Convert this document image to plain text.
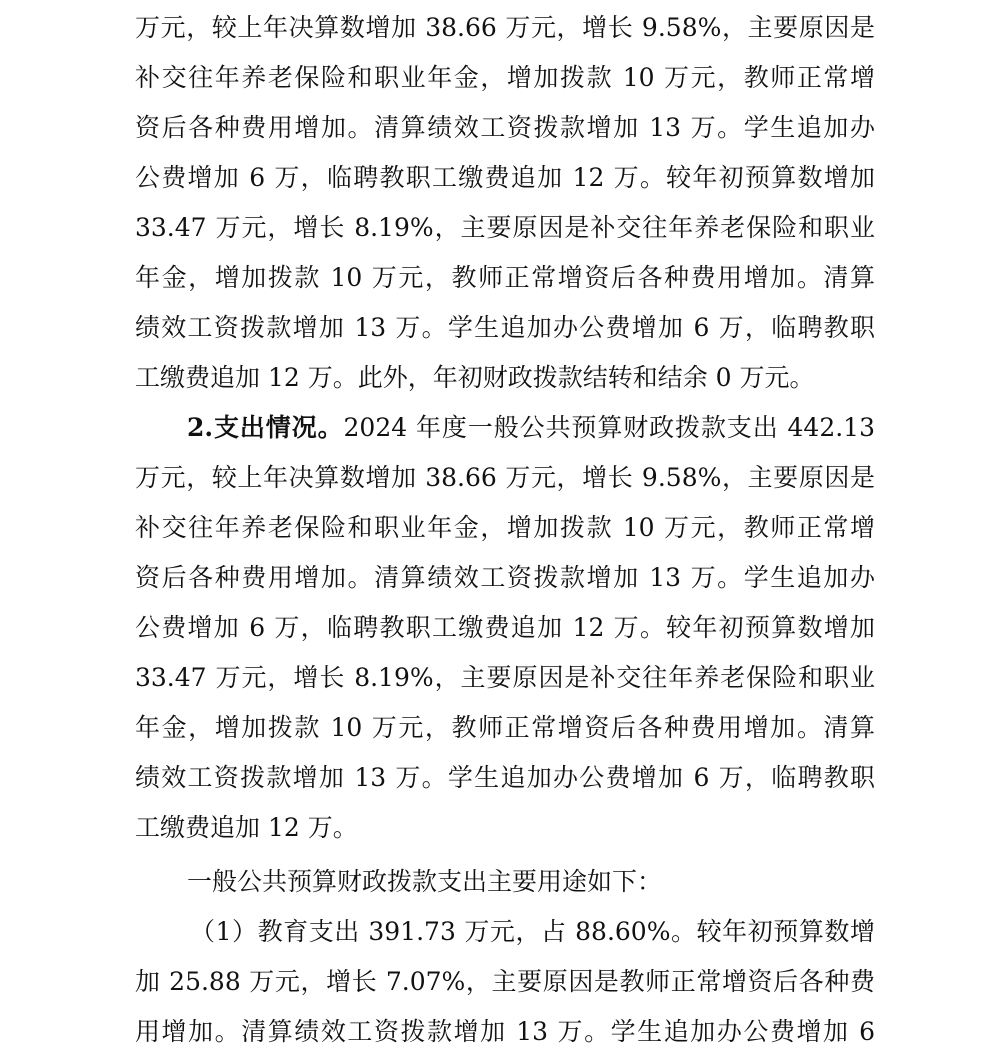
万元，较上年决算数增加 38.66 万元，增长 9.58%，主要原因是
补交往年养老保险和职业年金，增加拨款 10 万元，教师正常增
资后各种费用增加。清算绩效工资拨款增加 13 万。学生追加办
公费增加 6 万，临聘教职工缴费追加 12 万。较年初预算数增加
33.47 万元，增长 8.19%，主要原因是补交往年养老保险和职业
年金，增加拨款 10 万元，教师正常增资后各种费用增加。清算
绩效工资拨款增加 13 万。学生追加办公费增加 6 万，临聘教职
工缴费追加 12 万。此外，年初财政拨款结转和结余 0 万元。
2.支出情况。2024 年度一般公共预算财政拨款支出 442.13
万元，较上年决算数增加 38.66 万元，增长 9.58%，主要原因是
补交往年养老保险和职业年金，增加拨款 10 万元，教师正常增
资后各种费用增加。清算绩效工资拨款增加 13 万。学生追加办
公费增加 6 万，临聘教职工缴费追加 12 万。较年初预算数增加
33.47 万元，增长 8.19%，主要原因是补交往年养老保险和职业
年金，增加拨款 10 万元，教师正常增资后各种费用增加。清算
绩效工资拨款增加 13 万。学生追加办公费增加 6 万，临聘教职
工缴费追加 12 万。
一般公共预算财政拨款支出主要用途如下：
（1）教育支出 391.73 万元，占 88.60%。较年初预算数增
加 25.88 万元，增长 7.07%，主要原因是教师正常增资后各种费
用增加。清算绩效工资拨款增加 13 万。学生追加办公费增加 6
